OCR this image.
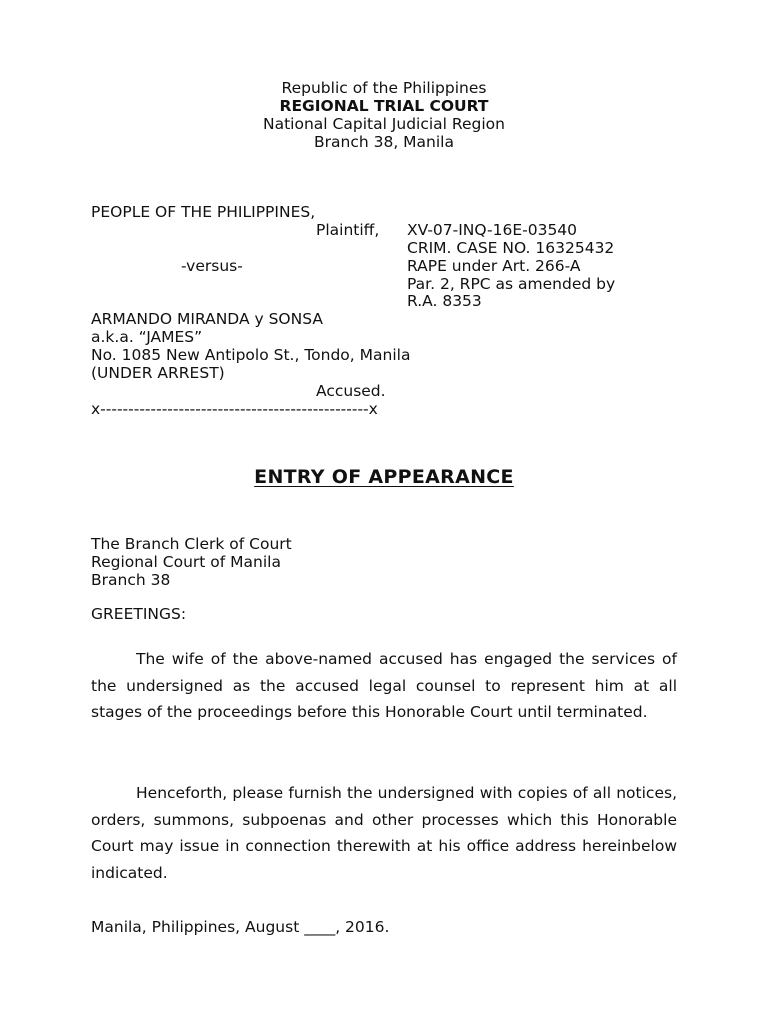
Republic of the Philippines
REGIONAL TRIAL COURT
National Capital Judicial Region
Branch 38, Manila
PEOPLE OF THE PHILIPPINES,
Plaintiff,
-versus-
ARMANDO MIRANDA y SONSA
a.k.a. “JAMES”
No. 1085 New Antipolo St., Tondo, Manila
(UNDER ARREST)
Accused.
x------------------------------------------------x
XV-07-INQ-16E-03540
CRIM. CASE NO. 16325432
RAPE under Art. 266-A
Par. 2, RPC as amended by
R.A. 8353
ENTRY OF APPEARANCE
The Branch Clerk of Court
Regional Court of Manila
Branch 38
GREETINGS:
The wife of the above-named accused has engaged the services of the undersigned as the accused legal counsel to represent him at all stages of the proceedings before this Honorable Court until terminated.
Henceforth, please furnish the undersigned with copies of all notices, orders, summons, subpoenas and other processes which this Honorable Court may issue in connection therewith at his office address hereinbelow indicated.
Manila, Philippines, August ____, 2016.
